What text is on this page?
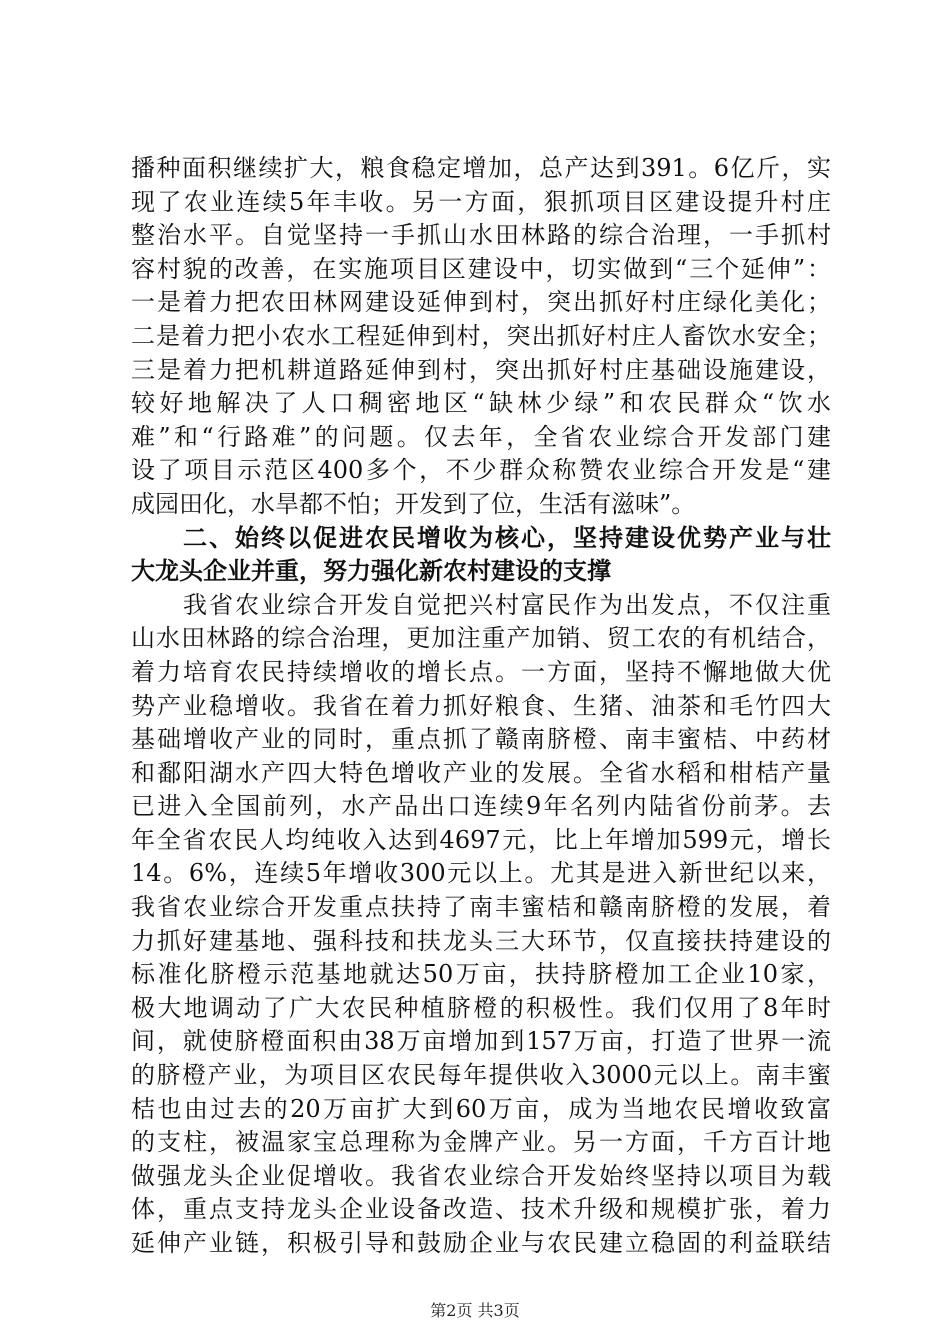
播种面积继续扩大，粮食稳定增加，总产达到391。6亿斤，实
现了农业连续5年丰收。另一方面，狠抓项目区建设提升村庄
整治水平。自觉坚持一手抓山水田林路的综合治理，一手抓村
容村貌的改善，在实施项目区建设中，切实做到“三个延伸”：
一是着力把农田林网建设延伸到村，突出抓好村庄绿化美化；
二是着力把小农水工程延伸到村，突出抓好村庄人畜饮水安全；
三是着力把机耕道路延伸到村，突出抓好村庄基础设施建设，
较好地解决了人口稠密地区“缺林少绿”和农民群众“饮水
难”和“行路难”的问题。仅去年，全省农业综合开发部门建
设了项目示范区400多个，不少群众称赞农业综合开发是“建
成园田化，水旱都不怕；开发到了位，生活有滋味”。
　　二、始终以促进农民增收为核心，坚持建设优势产业与壮
大龙头企业并重，努力强化新农村建设的支撑
　　我省农业综合开发自觉把兴村富民作为出发点，不仅注重
山水田林路的综合治理，更加注重产加销、贸工农的有机结合，
着力培育农民持续增收的增长点。一方面，坚持不懈地做大优
势产业稳增收。我省在着力抓好粮食、生猪、油茶和毛竹四大
基础增收产业的同时，重点抓了赣南脐橙、南丰蜜桔、中药材
和鄱阳湖水产四大特色增收产业的发展。全省水稻和柑桔产量
已进入全国前列，水产品出口连续9年名列内陆省份前茅。去
年全省农民人均纯收入达到4697元，比上年增加599元，增长
14。6%，连续5年增收300元以上。尤其是进入新世纪以来，
我省农业综合开发重点扶持了南丰蜜桔和赣南脐橙的发展，着
力抓好建基地、强科技和扶龙头三大环节，仅直接扶持建设的
标准化脐橙示范基地就达50万亩，扶持脐橙加工企业10家，
极大地调动了广大农民种植脐橙的积极性。我们仅用了8年时
间，就使脐橙面积由38万亩增加到157万亩，打造了世界一流
的脐橙产业，为项目区农民每年提供收入3000元以上。南丰蜜
桔也由过去的20万亩扩大到60万亩，成为当地农民增收致富
的支柱，被温家宝总理称为金牌产业。另一方面，千方百计地
做强龙头企业促增收。我省农业综合开发始终坚持以项目为载
体，重点支持龙头企业设备改造、技术升级和规模扩张，着力
延伸产业链，积极引导和鼓励企业与农民建立稳固的利益联结
第2页 共3页
